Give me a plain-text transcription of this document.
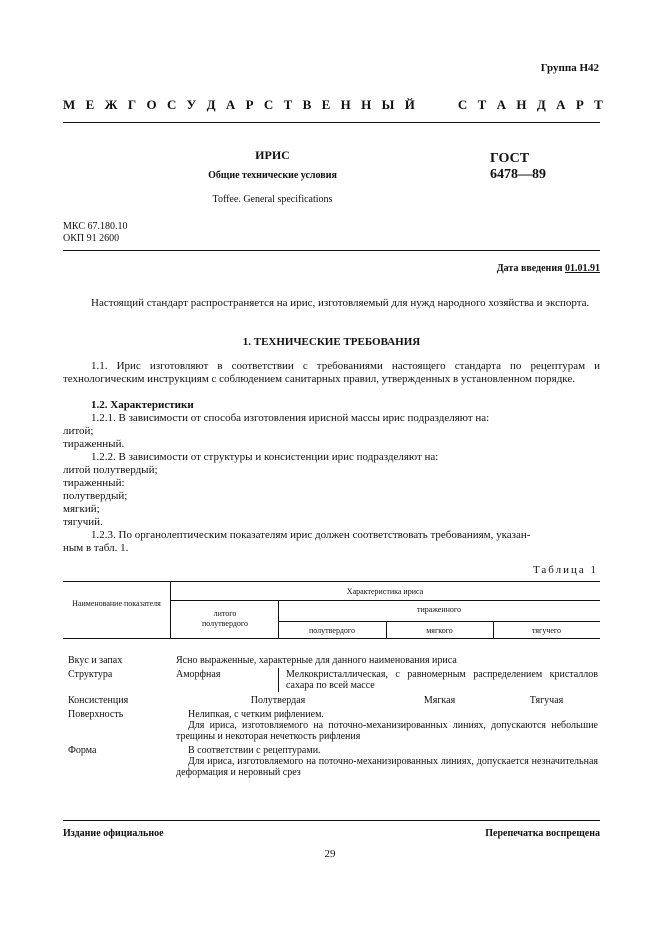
Группа Н42
М Е Ж Г О С У Д А Р С Т В Е Н Н Ы Й	С Т А Н Д А Р Т
ИРИС
Общие технические условия
ГОСТ
6478—89
Toffee. General specifications
МКС 67.180.10
ОКП 91 2600
Дата введения 01.01.91
Настоящий стандарт распространяется на ирис, изготовляемый для нужд народного хозяйства и экспорта.
1. ТЕХНИЧЕСКИЕ ТРЕБОВАНИЯ
1.1. Ирис изготовляют в соответствии с требованиями настоящего стандарта по рецептурам и технологическим инструкциям с соблюдением санитарных правил, утвержденных в установленном порядке.
1.2. Характеристики
1.2.1. В зависимости от способа изготовления ирисной массы ирис подразделяют на:
литой;
тираженный.
1.2.2. В зависимости от структуры и консистенции ирис подразделяют на:
литой полутвердый;
тираженный:
полутвердый;
мягкий;
тягучий.
1.2.3. По органолептическим показателям ирис должен соответствовать требованиям, указан-
ным в табл. 1.
Таблица 1
Наименование показателя
Характеристика ириса
литого полутвердого
тираженного
полутвердого	мягкого	тягучего
Вкус и запах	Ясно выраженные, характерные для данного наименования ириса
Структура	Аморфная	Мелкокристаллическая, с равномерным распределением кристаллов сахара по всей массе
Консистенция	Полутвердая	Мягкая	Тягучая
Поверхность	Нелипкая, с четким рифлением.
Для ириса, изготовляемого на поточно-механизированных линиях, допускаются небольшие трещины и некоторая нечеткость рифления
Форма	В соответствии с рецептурами.
Для ириса, изготовляемого на поточно-механизированных линиях, допускается незначительная деформация и неровный срез
Издание официальное	Перепечатка воспрещена
29
